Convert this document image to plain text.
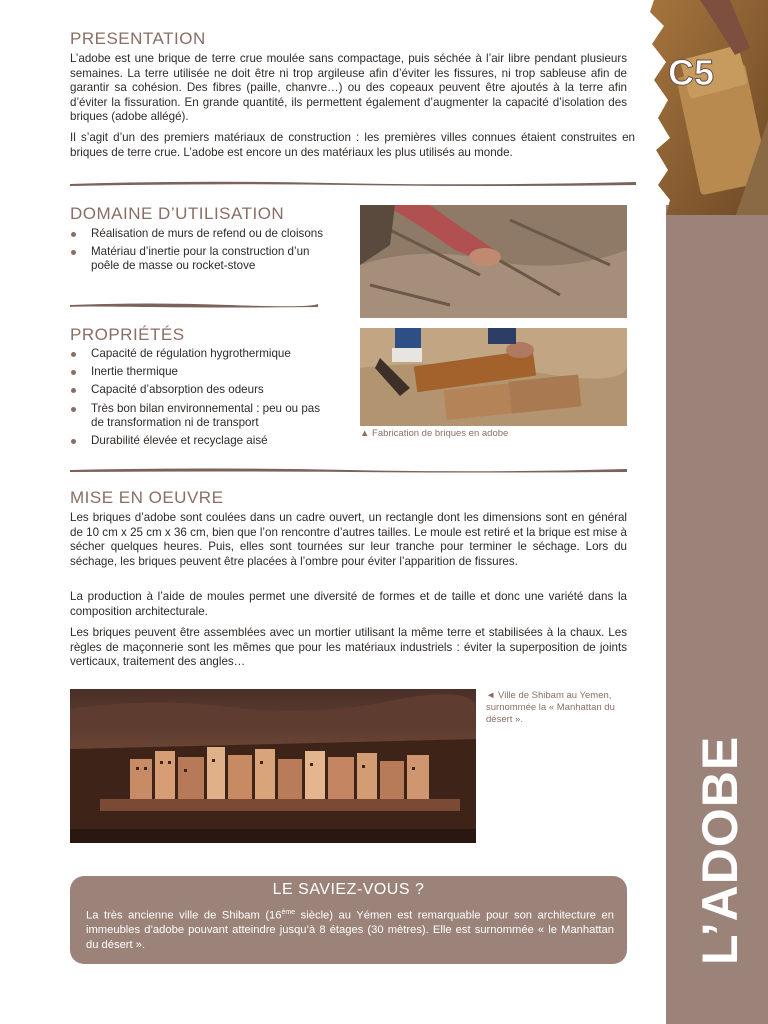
C5
L’ADOBE
PRESENTATION

L’adobe est une brique de terre crue moulée sans compactage, puis séchée à l’air libre pendant plusieurs semaines. La terre utilisée ne doit être ni trop argileuse afin d’éviter les fissures, ni trop sableuse afin de garantir sa cohésion. Des fibres (paille, chanvre…) ou des copeaux peuvent être ajoutés à la terre afin d’éviter la fissuration. En grande quantité, ils permettent également d’augmenter la capacité d’isolation des briques (adobe allégé).

Il s’agit d’un des premiers matériaux de construction : les premières villes connues étaient construites en briques de terre crue. L’adobe est encore un des matériaux les plus utilisés au monde.

DOMAINE D’UTILISATION
Réalisation de murs de refend ou de cloisons
Matériau d’inertie pour la construction d’un poêle de masse ou rocket-stove
PROPRIÉTÉS
Capacité de régulation hygrothermique
Inertie thermique
Capacité d’absorption des odeurs
Très bon bilan environnemental : peu ou pas de transformation ni de transport
Durabilité élevée et recyclage aisé
▲ Fabrication de briques en adobe
MISE EN OEUVRE

Les briques d’adobe sont coulées dans un cadre ouvert, un rectangle dont les dimensions sont en général de 10 cm x 25 cm x 36 cm, bien que l’on rencontre d’autres tailles. Le moule est retiré et la brique est mise à sécher quelques heures. Puis, elles sont tournées sur leur tranche pour terminer le séchage. Lors du séchage, les briques peuvent être placées à l’ombre pour éviter l’apparition de fissures.

La production à l’aide de moules permet une diversité de formes et de taille et donc une variété dans la composition architecturale.

Les briques peuvent être assemblées avec un mortier utilisant la même terre et stabilisées à la chaux. Les règles de maçonnerie sont les mêmes que pour les matériaux industriels : éviter la superposition de joints verticaux, traitement des angles…

◄ Ville de Shibam au Yemen, surnommée la « Manhattan du désert ».
LE SAVIEZ-VOUS ?
La très ancienne ville de Shibam (16ème siècle) au Yémen est remarquable pour son architecture en immeubles d’adobe pouvant atteindre jusqu’à 8 étages (30 mètres). Elle est surnommée « le Manhattan du désert ».
